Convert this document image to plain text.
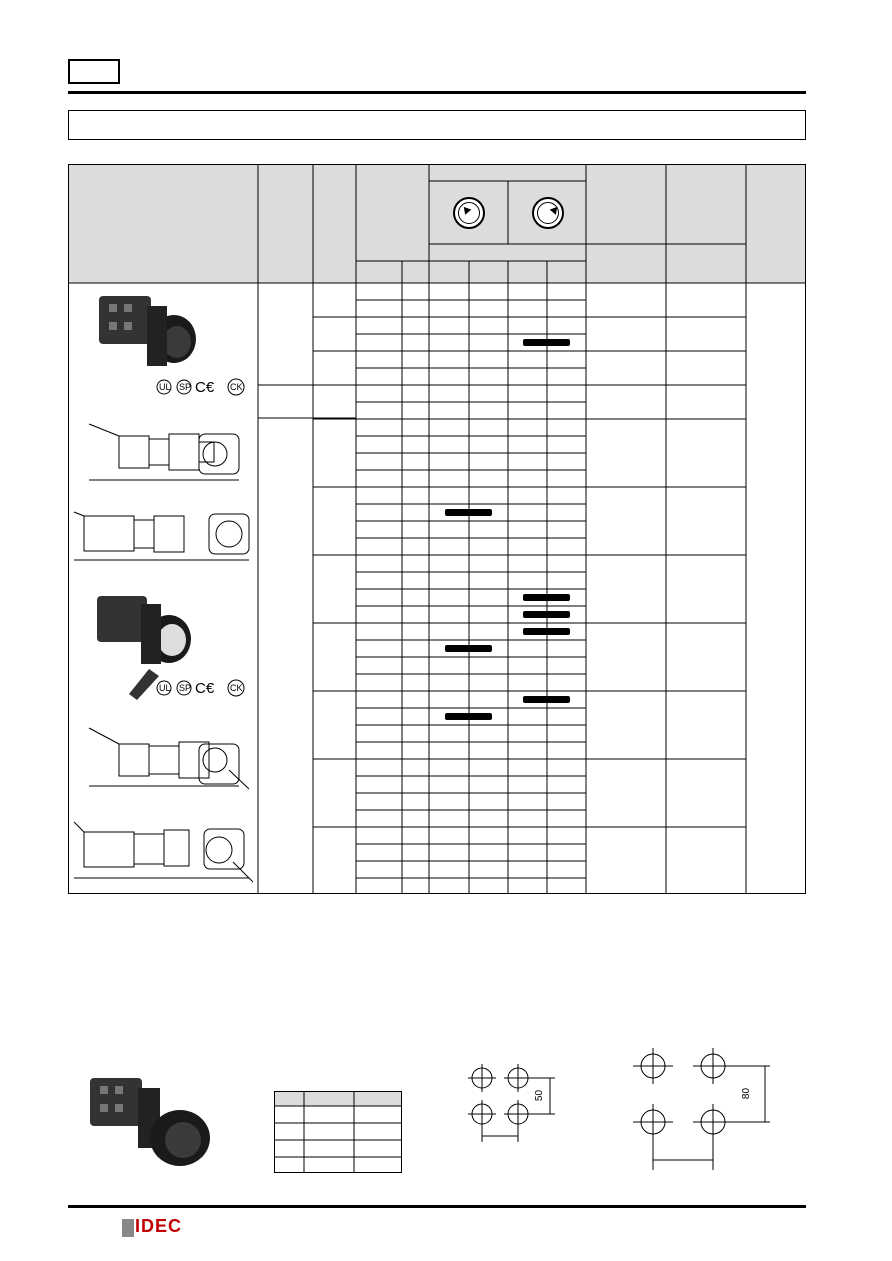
UL SP C€ CK
UL SP C€ CK
50	80
IDEC
